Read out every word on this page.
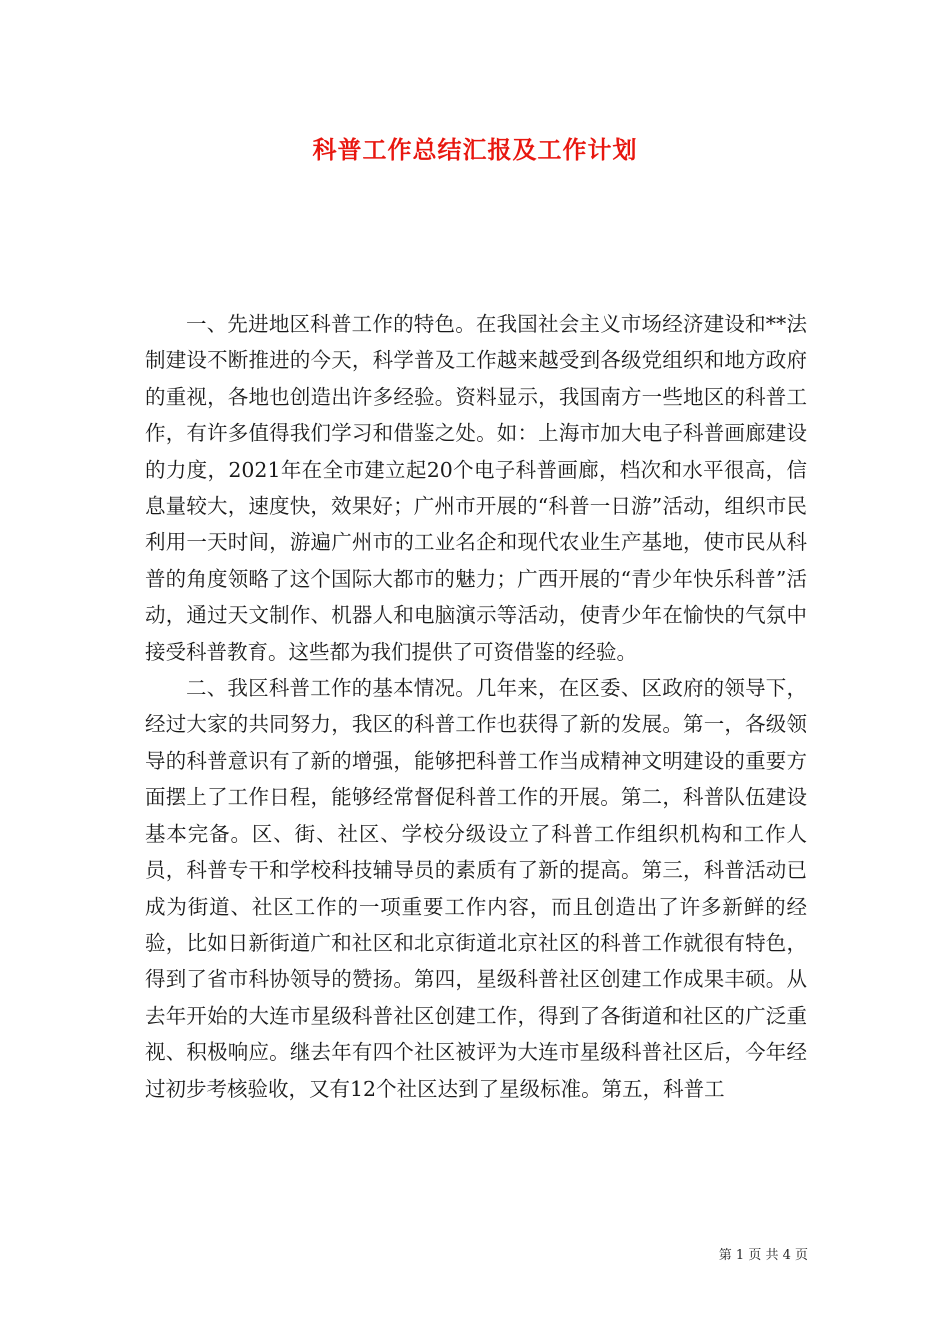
科普工作总结汇报及工作计划

一、先进地区科普工作的特色。在我国社会主义市场经济建设和**法制建设不断推进的今天，科学普及工作越来越受到各级党组织和地方政府的重视，各地也创造出许多经验。资料显示，我国南方一些地区的科普工作，有许多值得我们学习和借鉴之处。如：上海市加大电子科普画廊建设的力度，2021年在全市建立起20个电子科普画廊，档次和水平很高，信息量较大，速度快，效果好；广州市开展的“科普一日游”活动，组织市民利用一天时间，游遍广州市的工业名企和现代农业生产基地，使市民从科普的角度领略了这个国际大都市的魅力；广西开展的“青少年快乐科普”活动，通过天文制作、机器人和电脑演示等活动，使青少年在愉快的气氛中接受科普教育。这些都为我们提供了可资借鉴的经验。

二、我区科普工作的基本情况。几年来，在区委、区政府的领导下，经过大家的共同努力，我区的科普工作也获得了新的发展。第一，各级领导的科普意识有了新的增强，能够把科普工作当成精神文明建设的重要方面摆上了工作日程，能够经常督促科普工作的开展。第二，科普队伍建设基本完备。区、街、社区、学校分级设立了科普工作组织机构和工作人员，科普专干和学校科技辅导员的素质有了新的提高。第三，科普活动已成为街道、社区工作的一项重要工作内容，而且创造出了许多新鲜的经验，比如日新街道广和社区和北京街道北京社区的科普工作就很有特色，得到了省市科协领导的赞扬。第四，星级科普社区创建工作成果丰硕。从去年开始的大连市星级科普社区创建工作，得到了各街道和社区的广泛重视、积极响应。继去年有四个社区被评为大连市星级科普社区后，今年经过初步考核验收，又有12个社区达到了星级标准。第五，科普工

第 1 页 共 4 页
